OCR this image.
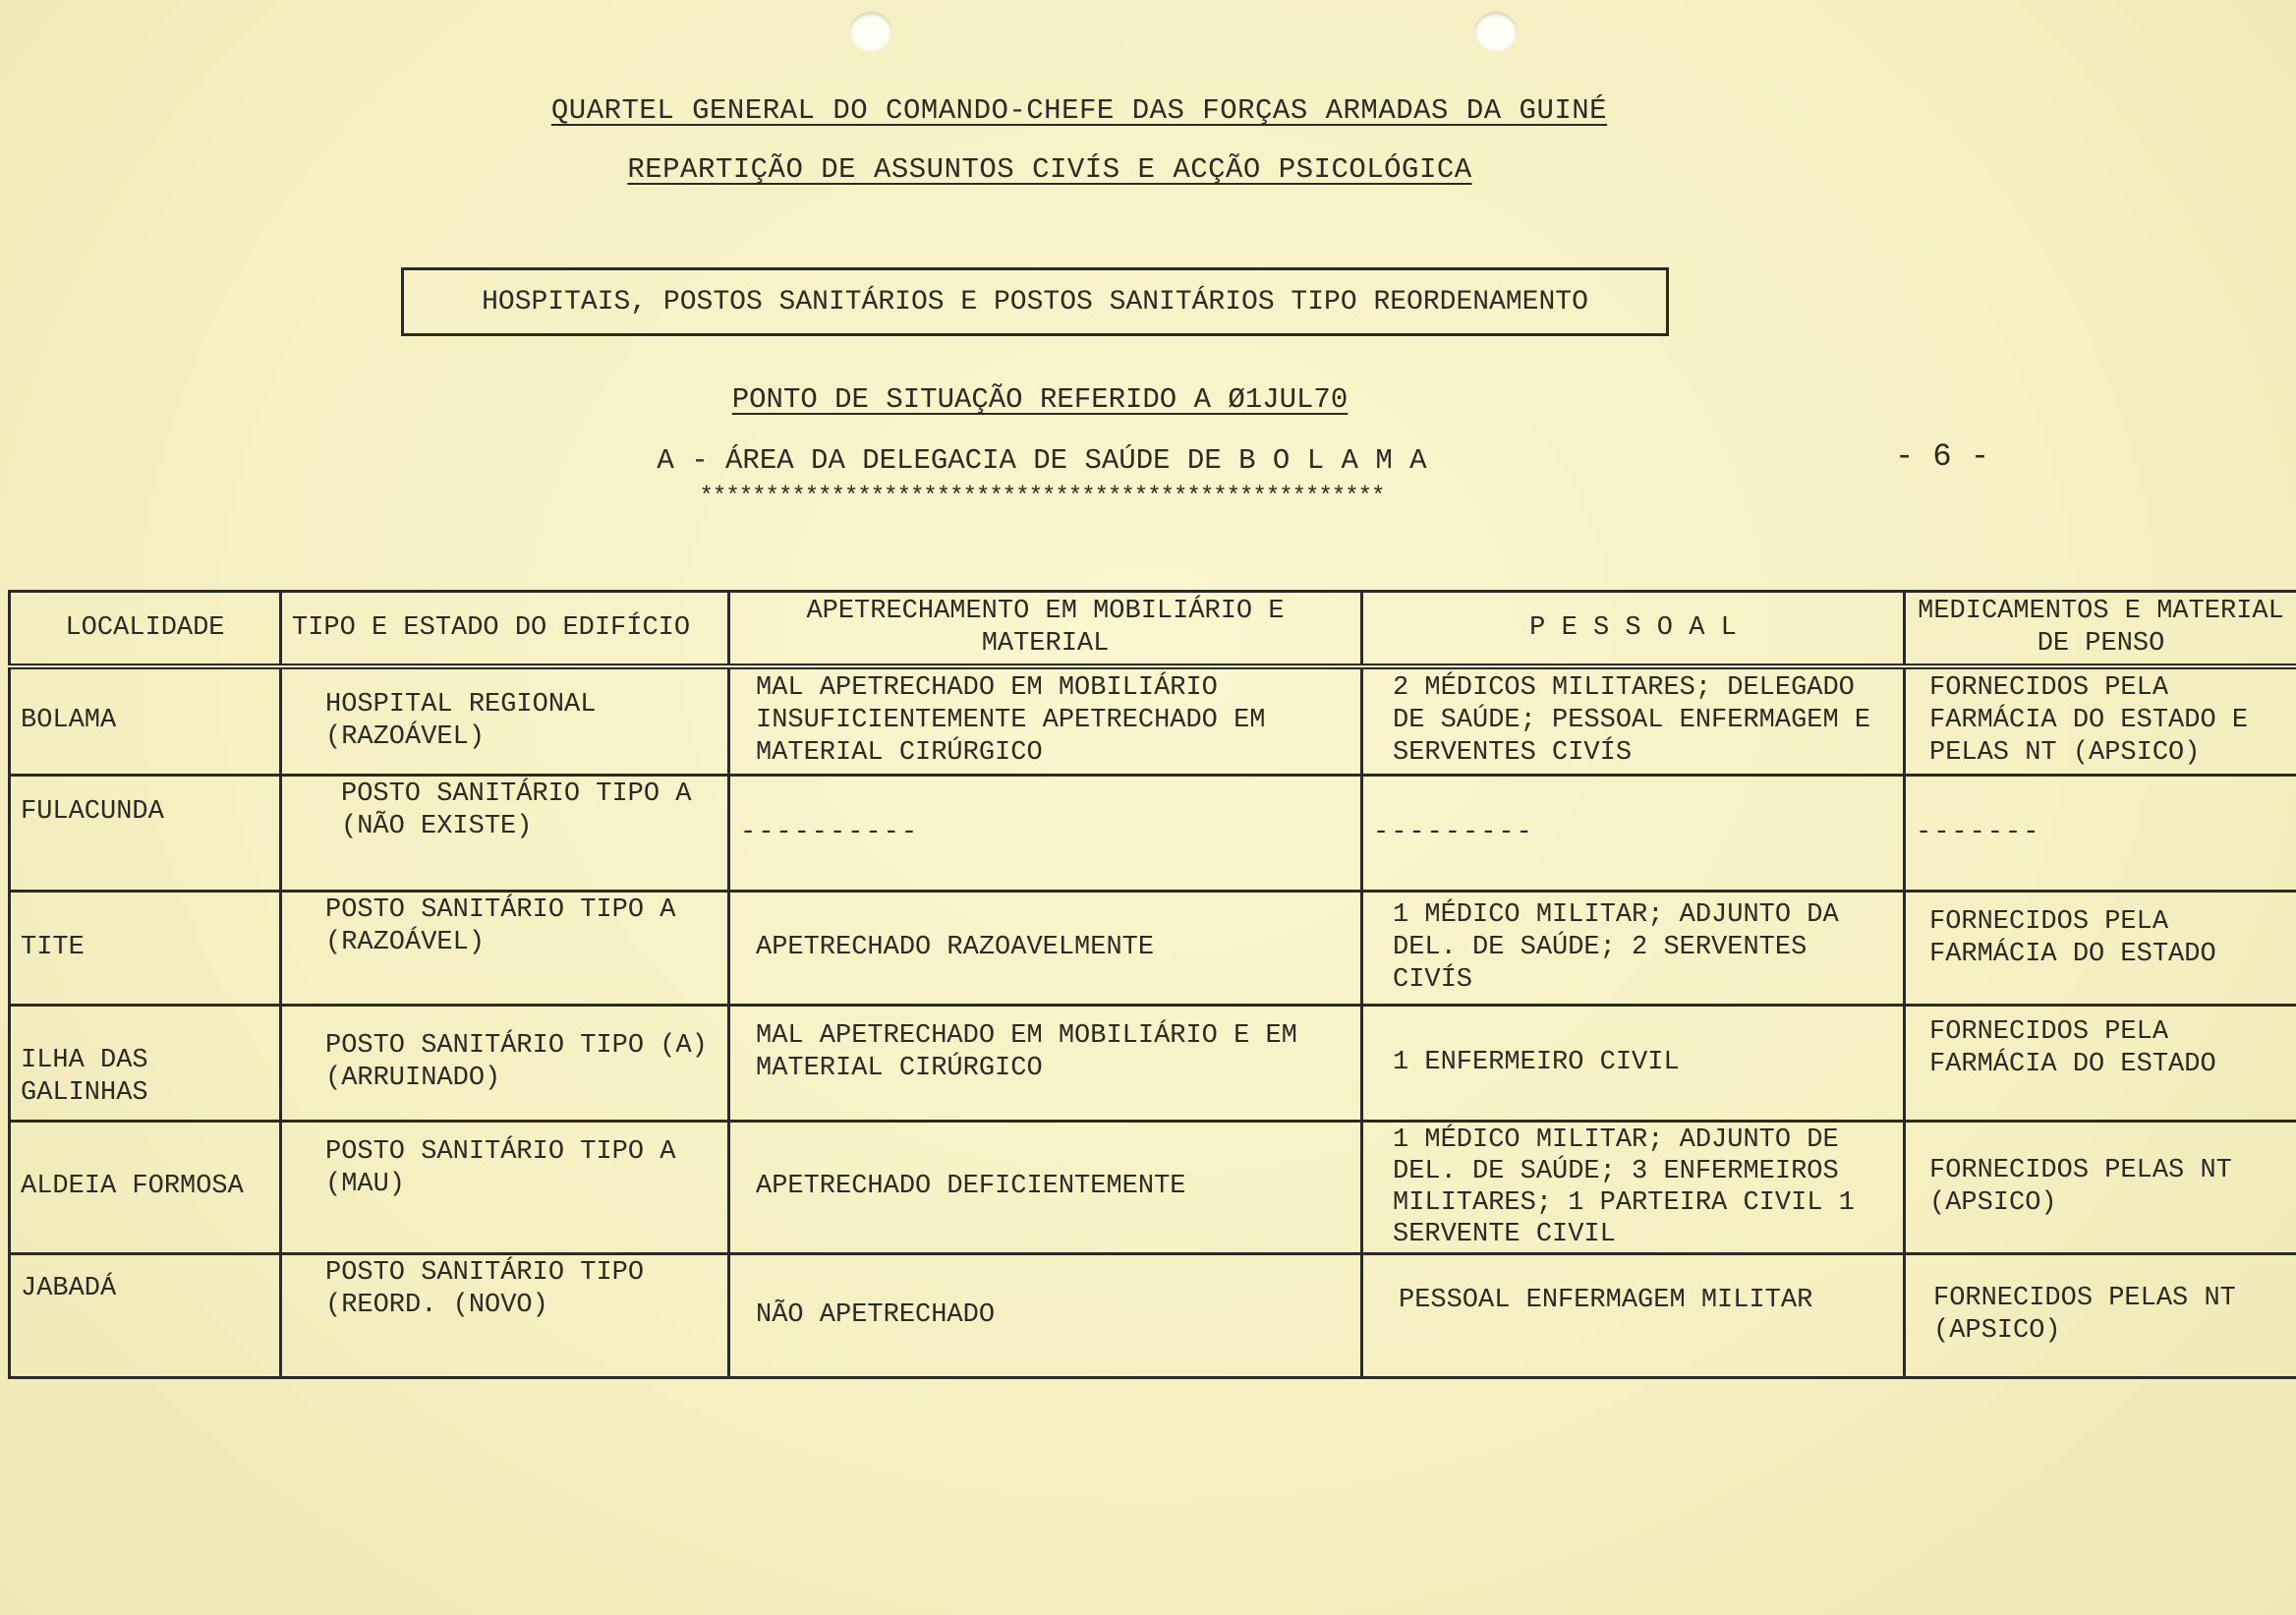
QUARTEL GENERAL DO COMANDO-CHEFE DAS FORÇAS ARMADAS DA GUINÉ
REPARTIÇÃO DE ASSUNTOS CIVÍS E ACÇÃO PSICOLÓGICA
HOSPITAIS, POSTOS SANITÁRIOS E POSTOS SANITÁRIOS TIPO REORDENAMENTO
PONTO DE SITUAÇÃO REFERIDO A Ø1JUL70
A - ÁREA DA DELEGACIA DE SAÚDE DE B O L A M A
****************************************************
- 6 -
LOCALIDADE	TIPO E ESTADO DO EDIFÍCIO	APETRECHAMENTO EM MOBILIÁRIO E MATERIAL	P E S S O A L	MEDICAMENTOS E MATERIAL DE PENSO
BOLAMA	HOSPITAL REGIONAL (RAZOÁVEL)	MAL APETRECHADO EM MOBILIÁRIO INSUFICIENTEMENTE APETRECHADO EM MATERIAL CIRÚRGICO	2 MÉDICOS MILITARES; DELEGADO DE SAÚDE; PESSOAL ENFERMAGEM E SERVENTES CIVÍS	FORNECIDOS PELA FARMÁCIA DO ESTADO E PELAS NT (APSICO)
FULACUNDA	POSTO SANITÁRIO TIPO A (NÃO EXISTE)	----------	---------	-------
TITE	POSTO SANITÁRIO TIPO A (RAZOÁVEL)	APETRECHADO RAZOAVELMENTE	1 MÉDICO MILITAR; ADJUNTO DA DEL. DE SAÚDE; 2 SERVENTES CIVÍS	FORNECIDOS PELA FARMÁCIA DO ESTADO
ILHA DAS GALINHAS	POSTO SANITÁRIO TIPO (A) (ARRUINADO)	MAL APETRECHADO EM MOBILIÁRIO E EM MATERIAL CIRÚRGICO	1 ENFERMEIRO CIVIL	FORNECIDOS PELA FARMÁCIA DO ESTADO
ALDEIA FORMOSA	POSTO SANITÁRIO TIPO A (MAU)	APETRECHADO DEFICIENTEMENTE	1 MÉDICO MILITAR; ADJUNTO DE DEL. DE SAÚDE; 3 ENFERMEIROS MILITARES; 1 PARTEIRA CIVIL 1 SERVENTE CIVIL	FORNECIDOS PELAS NT (APSICO)
JABADÁ	POSTO SANITÁRIO TIPO (REORD. (NOVO)	NÃO APETRECHADO	PESSOAL ENFERMAGEM MILITAR	FORNECIDOS PELAS NT (APSICO)
